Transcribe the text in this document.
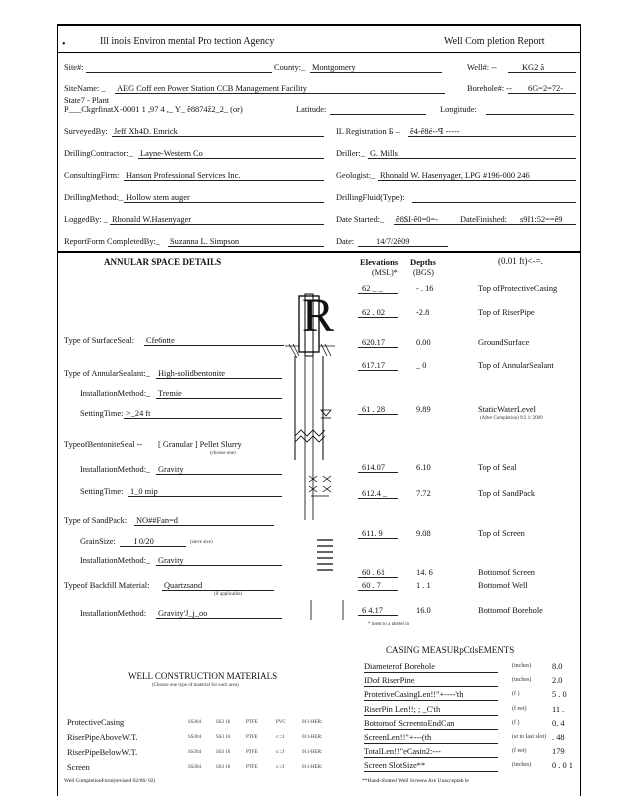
•	Ill inois Environ mental Pro tection Agency	Well Com pletion Report
Site#:	County:_ Montgomery	Well#: --	KG2 ã
SiteName: _ AEG Coff een Power Station CCB Management Facility	Borehole#: -- 6G=2=72-
State7 - Plant
P___CkgrfinatX -0001 1 ,97 4 ,_ Y_ ê8874ž2_2_ (or)	Latitude:	Longitude:
SurveyedBy: Jeff Xh4D. Emrick	IL Registration Б – ê4-ê8é--ꟼ -----
DrillingContractor:_ Layne-Western Co	Driller:_ G. Mills
ConsultingFirm: Hanson Professional Services Inc.	Geologist:_ Rhonald W. Hasenyager, LPG #196-000 246
DrillingMethod:_ Hollow stem auger	DrillingFluid(Type):
LoggedBy: _ Rhonald W.Hasenyager	Date Started:_ ê8$I-ê0=0=-	DateFinished: s9I1:52==ê9
ReportForm CompletedBy:_ Suzanna L. Simpson	Date:	14/7/2ê09
ANNULAR SPACE DETAILS	Elevations
(MSL)*
Depths
(BGS)
(0.01 ft)<-=.
R
Type of SurfaceSeal: Cfe6ntte
Type of AnnularSealant:_ High-solidbentonite
InstallationMethod:_ Tremie
SettingTime: >_24 ft
TypeofBentoniteSeal -- [ Granular ] Pellet Slurry
(choose one)
InstallationMethod:_ Gravity
SettingTime: 1_0 mip
Type of SandPack: NO##Fan=d
GrainSize: I 0/20	(sieve size)
InstallationMethod:_ Gravity
Typeof Backfill Material: Quartzsand
(if applicable)
InstallationMethod: Gravity'J_j_oo
62 _ _	- . 16	Top ofProtectiveCasing
62 . 02	-2.8	Top of RiserPipe
620.17	0.00	GroundSurface
617.17	_ 0	Top of AnnularSealant
61 . 28	9.89	StaticWaterLevel
(After Completion) 9/2 1/ 2009
614.07	6.10	Top of Seal
612.4 _	7.72	Top of SandPack
611. 9	9.08	Top of Screen
60 . 61	14. 6	Bottomof Screen
60 . 7	1 . 1	Bottomof Well
6 4.17	16.0	Bottomof Borehole
* inent to a tatetel in
CASING MEASURpCtlsEMENTS
Diameterof Borehole	(inches) 8.0
IDof RiserPine	(inches) 2.0
ProtetiveCasingLen!!"+----'th	(f )	5 . 0
RiserPin Len!!; ; _C'th	(f eet)	11 .
Bottomof ScreentoEndCan	(f )	0. 4
ScreenLen!!"+---(th	(st to last slot) . 48
TotalLen!!"eCasin2:---	(f eet)	179
Screen SlotSize**	(inches) 0 . 0 1
WELL CONSTRUCTION MATERIALS
(Choose one type of material for each area)
ProtectiveCasing	SS304	SS3 16	PTFE	PVC	011-HER:
RiserPipeAboveW.T.	SS304	SS3 16	PTFE	c:::J	011-HER:
RiserPipeBelowW.T.	SS304	SS3 16	PTFE	c:::J	011-HER:
Screen	SS304	SS3 16	PTFE	c:::J	011-HER:
Well CompletionForm(revised 02/06/ 02)	**Hand-Slotted Well Screens Are Unacceptab le
